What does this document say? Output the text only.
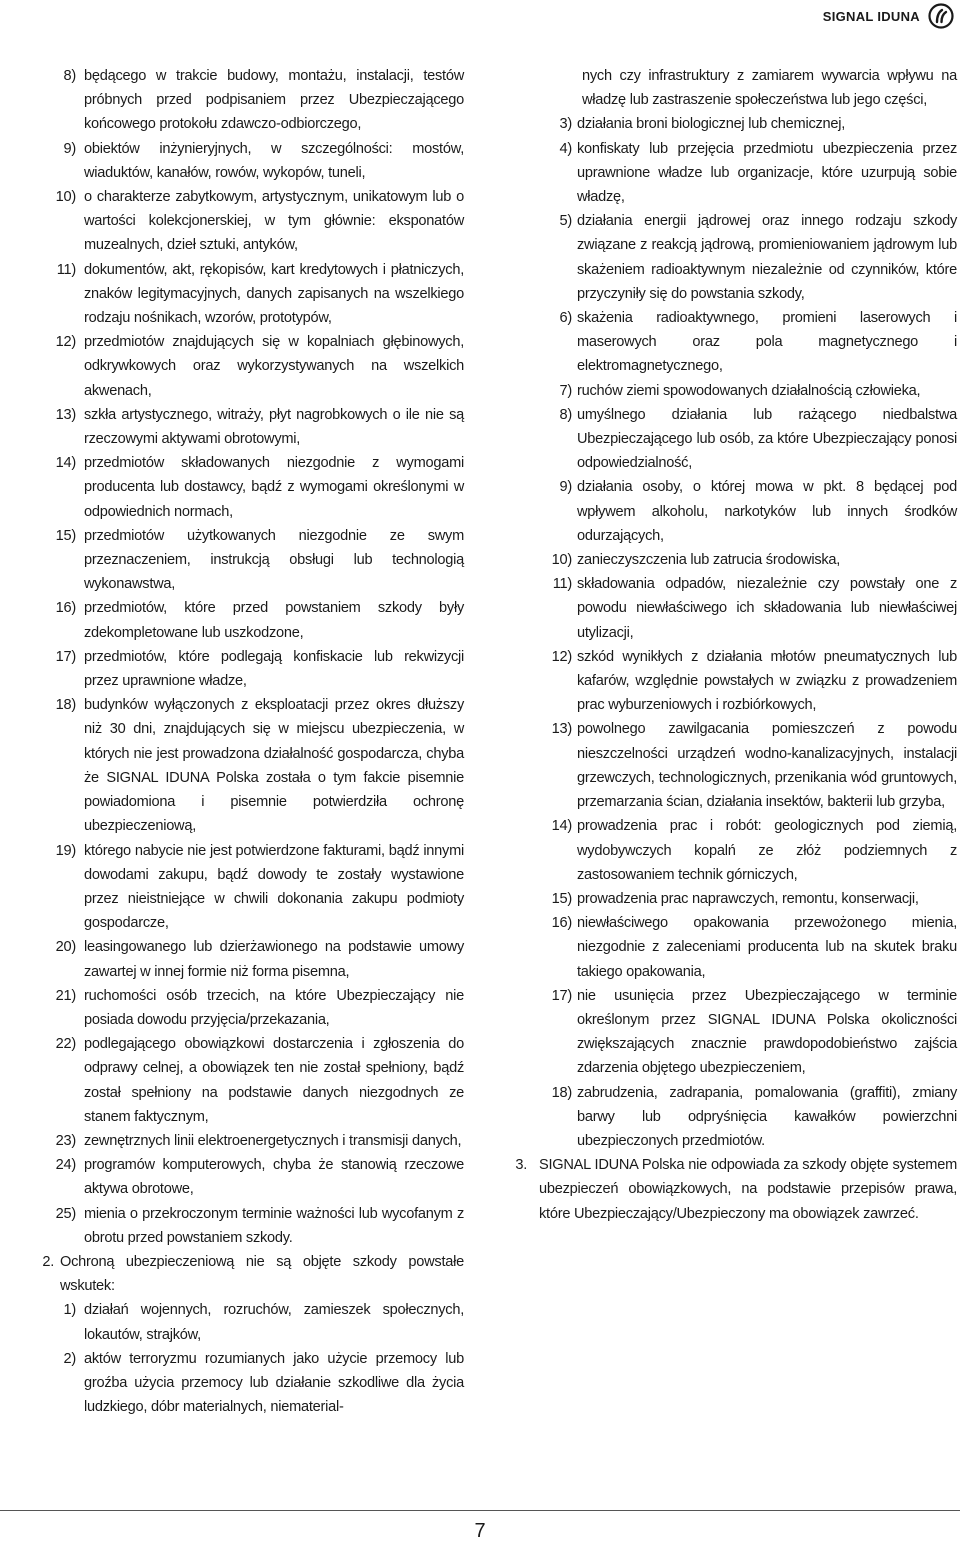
SIGNAL IDUNA
8) będącego w trakcie budowy, montażu, instalacji, testów próbnych przed podpisaniem przez Ubezpieczającego końcowego protokołu zdawczo-odbiorczego,
9) obiektów inżynieryjnych, w szczególności: mostów, wiaduktów, kanałów, rowów, wykopów, tuneli,
10) o charakterze zabytkowym, artystycznym, unikatowym lub o wartości kolekcjonerskiej, w tym głównie: eksponatów muzealnych, dzieł sztuki, antyków,
11) dokumentów, akt, rękopisów, kart kredytowych i płatniczych, znaków legitymacyjnych, danych zapisanych na wszelkiego rodzaju nośnikach, wzorów, prototypów,
12) przedmiotów znajdujących się w kopalniach głębinowych, odkrywkowych oraz wykorzystywanych na wszelkich akwenach,
13) szkła artystycznego, witraży, płyt nagrobkowych o ile nie są rzeczowymi aktywami obrotowymi,
14) przedmiotów składowanych niezgodnie z wymogami producenta lub dostawcy, bądź z wymogami określonymi w odpowiednich normach,
15) przedmiotów użytkowanych niezgodnie ze swym przeznaczeniem, instrukcją obsługi lub technologią wykonawstwa,
16) przedmiotów, które przed powstaniem szkody były zdekompletowane lub uszkodzone,
17) przedmiotów, które podlegają konfiskacie lub rekwizycji przez uprawnione władze,
18) budynków wyłączonych z eksploatacji przez okres dłuższy niż 30 dni, znajdujących się w miejscu ubezpieczenia, w których nie jest prowadzona działalność gospodarcza, chyba że SIGNAL IDUNA Polska została o tym fakcie pisemnie powiadomiona i pisemnie potwierdziła ochronę ubezpieczeniową,
19) którego nabycie nie jest potwierdzone fakturami, bądź innymi dowodami zakupu, bądź dowody te zostały wystawione przez nieistniejące w chwili dokonania zakupu podmioty gospodarcze,
20) leasingowanego lub dzierżawionego na podstawie umowy zawartej w innej formie niż forma pisemna,
21) ruchomości osób trzecich, na które Ubezpieczający nie posiada dowodu przyjęcia/przekazania,
22) podlegającego obowiązkowi dostarczenia i zgłoszenia do odprawy celnej, a obowiązek ten nie został spełniony, bądź został spełniony na podstawie danych niezgodnych ze stanem faktycznym,
23) zewnętrznych linii elektroenergetycznych i transmisji danych,
24) programów komputerowych, chyba że stanowią rzeczowe aktywa obrotowe,
25) mienia o przekroczonym terminie ważności lub wycofanym z obrotu przed powstaniem szkody.
2. Ochroną ubezpieczeniową nie są objęte szkody powstałe wskutek:
1) działań wojennych, rozruchów, zamieszek społecznych, lokautów, strajków,
2) aktów terroryzmu rozumianych jako użycie przemocy lub groźba użycia przemocy lub działanie szkodliwe dla życia ludzkiego, dóbr materialnych, niematerial-
nych czy infrastruktury z zamiarem wywarcia wpływu na władzę lub zastraszenie społeczeństwa lub jego części,
3) działania broni biologicznej lub chemicznej,
4) konfiskaty lub przejęcia przedmiotu ubezpieczenia przez uprawnione władze lub organizacje, które uzurpują sobie władzę,
5) działania energii jądrowej oraz innego rodzaju szkody związane z reakcją jądrową, promieniowaniem jądrowym lub skażeniem radioaktywnym niezależnie od czynników, które przyczyniły się do powstania szkody,
6) skażenia radioaktywnego, promieni laserowych i maserowych oraz pola magnetycznego i elektromagnetycznego,
7) ruchów ziemi spowodowanych działalnością człowieka,
8) umyślnego działania lub rażącego niedbalstwa Ubezpieczającego lub osób, za które Ubezpieczający ponosi odpowiedzialność,
9) działania osoby, o której mowa w pkt. 8 będącej pod wpływem alkoholu, narkotyków lub innych środków odurzających,
10) zanieczyszczenia lub zatrucia środowiska,
11) składowania odpadów, niezależnie czy powstały one z powodu niewłaściwego ich składowania lub niewłaściwej utylizacji,
12) szkód wynikłych z działania młotów pneumatycznych lub kafarów, względnie powstałych w związku z prowadzeniem prac wyburzeniowych i rozbiórkowych,
13) powolnego zawilgacania pomieszczeń z powodu nieszczelności urządzeń wodno-kanalizacyjnych, instalacji grzewczych, technologicznych, przenikania wód gruntowych, przemarzania ścian, działania insektów, bakterii lub grzyba,
14) prowadzenia prac i robót: geologicznych pod ziemią, wydobywczych kopalń ze złóż podziemnych z zastosowaniem technik górniczych,
15) prowadzenia prac naprawczych, remontu, konserwacji,
16) niewłaściwego opakowania przewożonego mienia, niezgodnie z zaleceniami producenta lub na skutek braku takiego opakowania,
17) nie usunięcia przez Ubezpieczającego w terminie określonym przez SIGNAL IDUNA Polska okoliczności zwiększających znacznie prawdopodobieństwo zajścia zdarzenia objętego ubezpieczeniem,
18) zabrudzenia, zadrapania, pomalowania (graffiti), zmiany barwy lub odpryśnięcia kawałków powierzchni ubezpieczonych przedmiotów.
3. SIGNAL IDUNA Polska nie odpowiada za szkody objęte systemem ubezpieczeń obowiązkowych, na podstawie przepisów prawa, które Ubezpieczający/Ubezpieczony ma obowiązek zawrzeć.
7
